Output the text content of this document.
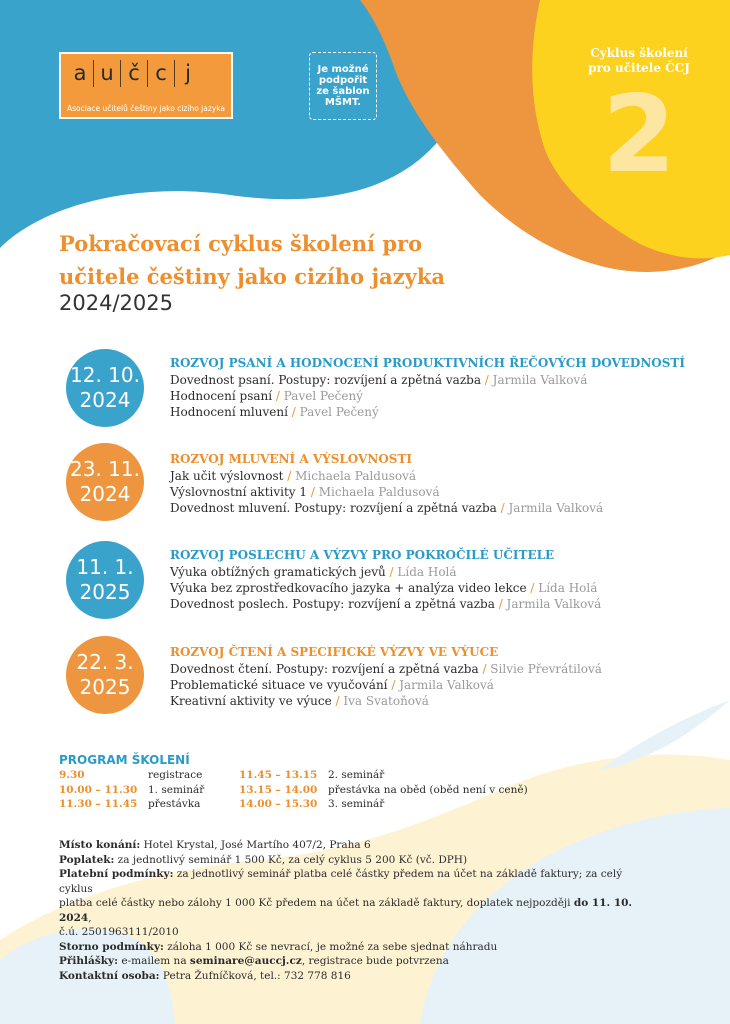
a u č c j
Asociace učitelů češtiny jako cizího jazyka
Je možné
podpořit
ze šablon
MŠMT.
Cyklus školení
pro učitele ČCJ
2
Pokračovací cyklus školení pro
učitele češtiny jako cizího jazyka
2024/2025
12. 10.
2024
ROZVOJ PSANÍ A HODNOCENÍ PRODUKTIVNÍCH ŘEČOVÝCH DOVEDNOSTÍ
Dovednost psaní. Postupy: rozvíjení a zpětná vazba / Jarmila Valková
Hodnocení psaní / Pavel Pečený
Hodnocení mluvení / Pavel Pečený
23. 11.
2024
ROZVOJ MLUVENÍ A VÝSLOVNOSTI
Jak učit výslovnost / Michaela Paldusová
Výslovnostní aktivity 1 / Michaela Paldusová
Dovednost mluvení. Postupy: rozvíjení a zpětná vazba / Jarmila Valková
11. 1.
2025
ROZVOJ POSLECHU A VÝZVY PRO POKROČILÉ UČITELE
Výuka obtížných gramatických jevů / Lída Holá
Výuka bez zprostředkovacího jazyka + analýza video lekce / Lída Holá
Dovednost poslech. Postupy: rozvíjení a zpětná vazba / Jarmila Valková
22. 3.
2025
ROZVOJ ČTENÍ A SPECIFICKÉ VÝZVY VE VÝUCE
Dovednost čtení. Postupy: rozvíjení a zpětná vazba / Silvie Převrátilová
Problematické situace ve vyučování / Jarmila Valková
Kreativní aktivity ve výuce / Iva Svatoňová
PROGRAM ŠKOLENÍ
9.30	registrace	11.45 – 13.15	2. seminář
10.00 – 11.30	1. seminář	13.15 – 14.00	přestávka na oběd (oběd není v ceně)
11.30 – 11.45	přestávka	14.00 – 15.30	3. seminář
Místo konání: Hotel Krystal, José Martího 407/2, Praha 6
Poplatek: za jednotlivý seminář 1 500 Kč, za celý cyklus 5 200 Kč (vč. DPH)
Platební podmínky: za jednotlivý seminář platba celé částky předem na účet na základě faktury; za celý cyklus
platba celé částky nebo zálohy 1 000 Kč předem na účet na základě faktury, doplatek nejpozději do 11. 10. 2024,
č.ú. 2501963111/2010
Storno podmínky: záloha 1 000 Kč se nevrací, je možné za sebe sjednat náhradu
Přihlášky: e-mailem na seminare@auccj.cz, registrace bude potvrzena
Kontaktní osoba: Petra Žufníčková, tel.: 732 778 816
